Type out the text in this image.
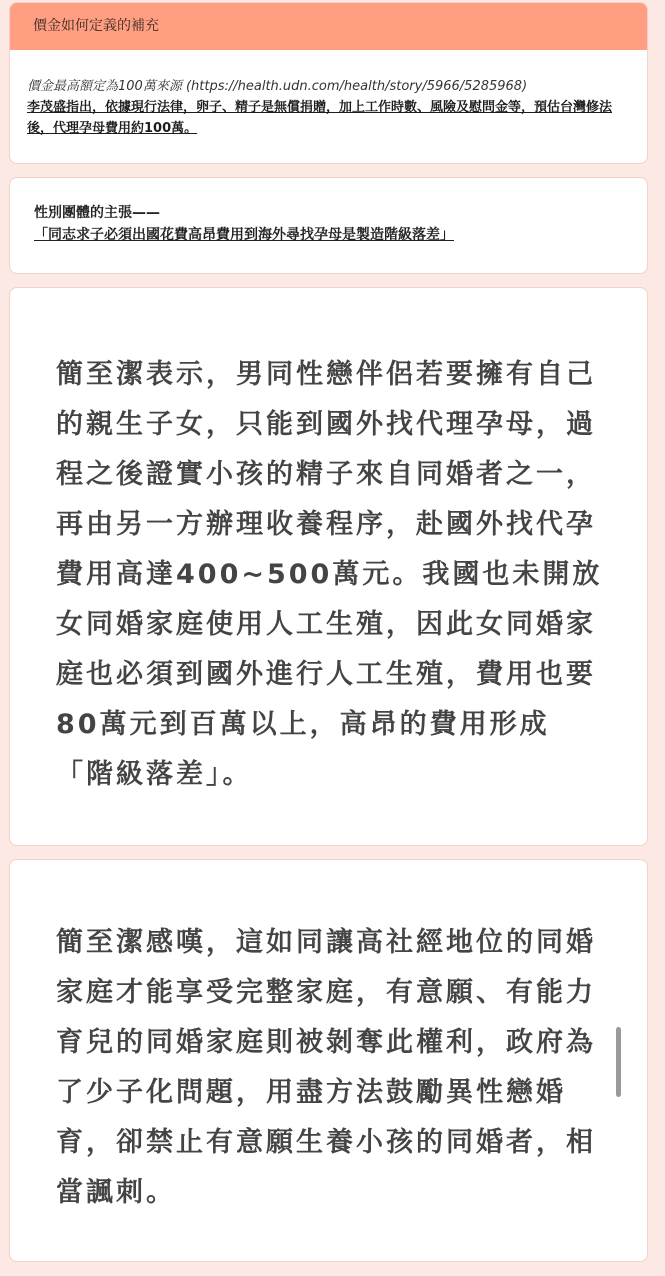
價金如何定義的補充
價金最高額定為100萬來源 (https://health.udn.com/health/story/5966/5285968)
李茂盛指出，依據現行法律，卵子、精子是無償捐贈，加上工作時數、風險及慰問金等，預估台灣修法後，代理孕母費用約100萬。
性別團體的主張——
「同志求子必須出國花費高昂費用到海外尋找孕母是製造階級落差」
簡至潔表示，男同性戀伴侶若要擁有自己的親生子女，只能到國外找代理孕母，過程之後證實小孩的精子來自同婚者之一，再由另一方辦理收養程序，赴國外找代孕費用高達400~500萬元。我國也未開放女同婚家庭使用人工生殖，因此女同婚家庭也必須到國外進行人工生殖，費用也要80萬元到百萬以上，高昂的費用形成「階級落差」。
簡至潔感嘆，這如同讓高社經地位的同婚家庭才能享受完整家庭，有意願、有能力育兒的同婚家庭則被剝奪此權利，政府為了少子化問題，用盡方法鼓勵異性戀婚育，卻禁止有意願生養小孩的同婚者，相當諷刺。
